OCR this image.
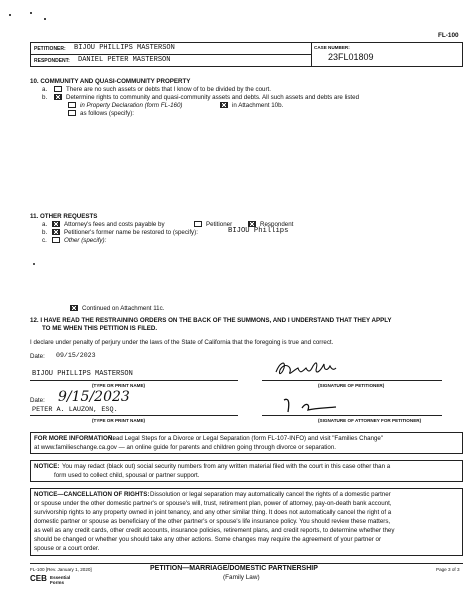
FL-100
PETITIONER: BIJOU PHILLIPS MASTERSON
RESPONDENT: DANIEL PETER MASTERSON
CASE NUMBER:
23FL01809
10. COMMUNITY AND QUASI-COMMUNITY PROPERTY
a.	There are no such assets or debts that I know of to be divided by the court.
b.	Determine rights to community and quasi-community assets and debts. All such assets and debts are listed
in Property Declaration (form FL-160)	in Attachment 10b.
as follows (specify):
11. OTHER REQUESTS
a.	Attorney's fees and costs payable by	Petitioner	Respondent
b.	Petitioner's former name be restored to (specify):	BIJOU Phillips
c.	Other (specify):
Continued on Attachment 11c.
12. I HAVE READ THE RESTRAINING ORDERS ON THE BACK OF THE SUMMONS, AND I UNDERSTAND THAT THEY APPLY
TO ME WHEN THIS PETITION IS FILED.
I declare under penalty of perjury under the laws of the State of California that the foregoing is true and correct.
Date: 09/15/2023
BIJOU PHILLIPS MASTERSON
(TYPE OR PRINT NAME)	(SIGNATURE OF PETITIONER)
Date: 9/15/2023
PETER A. LAUZON, ESQ.
(TYPE OR PRINT NAME)	(SIGNATURE OF ATTORNEY FOR PETITIONER)
FOR MORE INFORMATION:
Read Legal Steps for a Divorce or Legal Separation (form FL-107-INFO) and visit "Families Change"
at www.familieschange.ca.gov — an online guide for parents and children going through divorce or separation.
NOTICE: You may redact (black out) social security numbers from any written material filed with the court in this case other than a
form used to collect child, spousal or partner support.
NOTICE—CANCELLATION OF RIGHTS: Dissolution or legal separation may automatically cancel the rights of a domestic partner
or spouse under the other domestic partner's or spouse's will, trust, retirement plan, power of attorney, pay-on-death bank account,
survivorship rights to any property owned in joint tenancy, and any other similar thing. It does not automatically cancel the right of a
domestic partner or spouse as beneficiary of the other partner's or spouse's life insurance policy. You should review these matters,
as well as any credit cards, other credit accounts, insurance policies, retirement plans, and credit reports, to determine whether they
should be changed or whether you should take any other actions. Some changes may require the agreement of your partner or
spouse or a court order.
FL-100 [Rev. January 1, 2020]
CEB Essential
Forms
PETITION—MARRIAGE/DOMESTIC PARTNERSHIP
(Family Law)
Page 3 of 3
